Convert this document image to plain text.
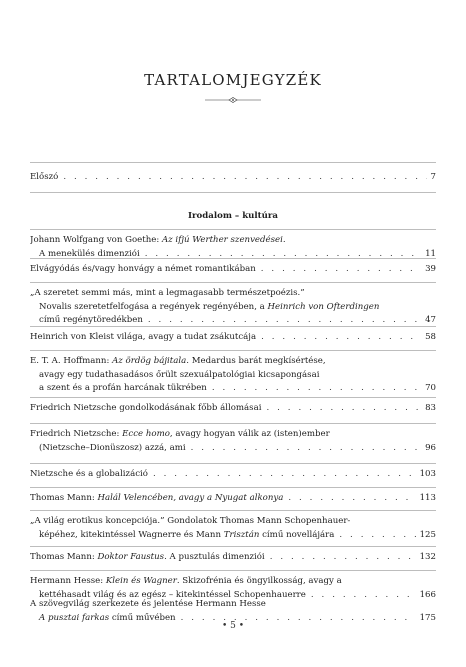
TARTALOMJEGYZÉK
Előszó . . .	7
Irodalom – kultúra
Johann Wolfgang von Goethe: Az ifjú Werther szenvedései.
A menekülés dimenziói . . .	11
Elvágyódás és/vagy honvágy a német romantikában . . .	39
„A szeretet semmi más, mint a legmagasabb természetpoézis.”
Novalis szeretetfelfogása a regények regényében, a Heinrich von Ofterdingen
című regénytöredékben . . .	47
Heinrich von Kleist világa, avagy a tudat zsákutcája . . .	58
E. T. A. Hoffmann: Az ördög bájitala. Medardus barát megkísértése,
avagy egy tudathasadásos őrült szexuálpatológiai kicsapongásai
a szent és a profán harcának tükrében . . .	70
Friedrich Nietzsche gondolkodásának főbb állomásai . . .	83
Friedrich Nietzsche: Ecce homo, avagy hogyan válik az (isten)ember
(Nietzsche–Dionüszosz) azzá, ami . . .	96
Nietzsche és a globalizáció . . .	103
Thomas Mann: Halál Velencében, avagy a Nyugat alkonya . . .	113
„A világ erotikus koncepciója.” Gondolatok Thomas Mann Schopenhauer-
képéhez, kitekintéssel Wagnerre és Mann Trisztán című novellájára . . .	125
Thomas Mann: Doktor Faustus. A pusztulás dimenziói . . .	132
Hermann Hesse: Klein és Wagner. Skizofrénia és öngyilkosság, avagy a
kettéhasadt világ és az egész – kitekintéssel Schopenhauerre . . .	166
A szövegvilág szerkezete és jelentése Hermann Hesse
A pusztai farkas című művében . . .	175
• 5 •
